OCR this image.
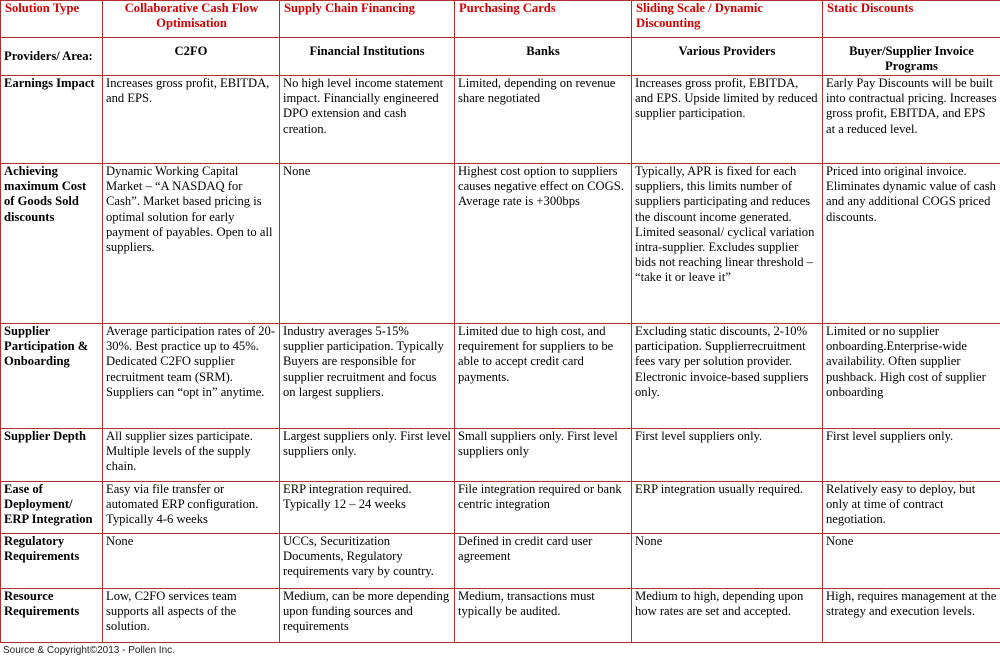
Solution Type	Collaborative Cash Flow Optimisation	Supply Chain Financing	Purchasing Cards	Sliding Scale / Dynamic Discounting	Static Discounts
Providers/ Area:	C2FO	Financial Institutions	Banks	Various Providers	Buyer/Supplier Invoice Programs
Earnings Impact	Increases gross profit, EBITDA, and EPS.	No high level income statement impact. Financially engineered DPO extension and cash creation.	Limited, depending on revenue share negotiated	Increases gross profit, EBITDA, and EPS. Upside limited by reduced supplier participation.	Early Pay Discounts will be built into contractual pricing. Increases gross profit, EBITDA, and EPS at a reduced level.
Achieving maximum Cost of Goods Sold discounts	Dynamic Working Capital Market – “A NASDAQ for Cash”. Market based pricing is optimal solution for early payment of payables. Open to all suppliers.	None	Highest cost option to suppliers causes negative effect on COGS. Average rate is +300bps	Typically, APR is fixed for each suppliers, this limits number of suppliers participating and reduces the discount income generated. Limited seasonal/ cyclical variation intra-supplier. Excludes supplier bids not reaching linear threshold – “take it or leave it”	Priced into original invoice. Eliminates dynamic value of cash and any additional COGS priced discounts.
Supplier Participation & Onboarding	Average participation rates of 20-30%. Best practice up to 45%. Dedicated C2FO supplier recruitment team (SRM). Suppliers can “opt in” anytime.	Industry averages 5-15% supplier participation. Typically Buyers are responsible for supplier recruitment and focus on largest suppliers.	Limited due to high cost, and requirement for suppliers to be able to accept credit card payments.	Excluding static discounts, 2-10% participation. Supplierrecruitment fees vary per solution provider. Electronic invoice-based suppliers only.	Limited or no supplier onboarding.Enterprise-wide availability. Often supplier pushback. High cost of supplier onboarding
Supplier Depth	All supplier sizes participate. Multiple levels of the supply chain.	Largest suppliers only. First level suppliers only.	Small suppliers only. First level suppliers only	First level suppliers only.	First level suppliers only.
Ease of Deployment/ ERP Integration	Easy via file transfer or automated ERP configuration. Typically 4-6 weeks	ERP integration required. Typically 12 – 24 weeks	File integration required or bank centric integration	ERP integration usually required.	Relatively easy to deploy, but only at time of contract negotiation.
Regulatory Requirements	None	UCCs, Securitization Documents, Regulatory requirements vary by country.	Defined in credit card user agreement	None	None
Resource Requirements	Low, C2FO services team supports all aspects of the solution.	Medium, can be more depending upon funding sources and requirements	Medium, transactions must typically be audited.	Medium to high, depending upon how rates are set and accepted.	High, requires management at the strategy and execution levels.
Source & Copyright©2013 - Pollen Inc.
